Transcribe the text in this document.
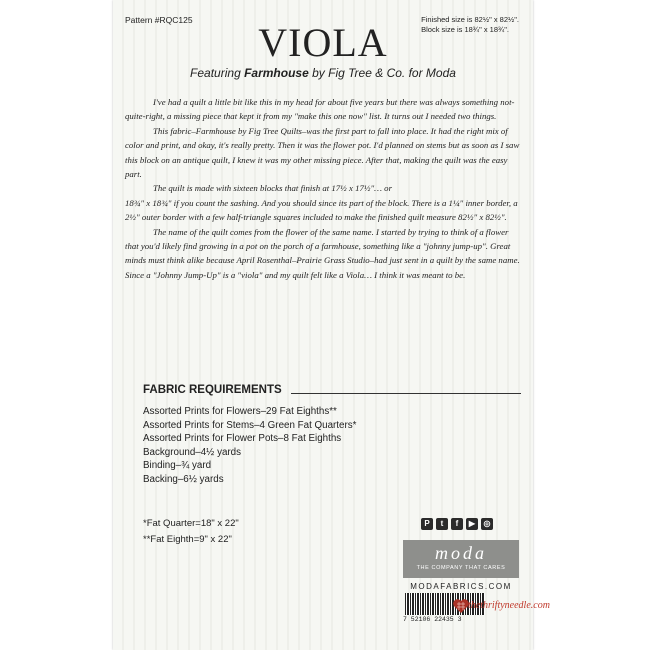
Pattern #RQC125	Finished size is 82½" x 82½".
Block size is 18¾" x 18¾".
VIOLA
Featuring Farmhouse by Fig Tree & Co. for Moda

I've had a quilt a little bit like this in my head for about five years but there was always something not-quite-right, a missing piece that kept it from my "make this one now" list. It turns out I needed two things.

This fabric–Farmhouse by Fig Tree Quilts–was the first part to fall into place. It had the right mix of color and print, and okay, it's really pretty. Then it was the flower pot. I'd planned on stems but as soon as I saw this block on an antique quilt, I knew it was my other missing piece. After that, making the quilt was the easy part.

The quilt is made with sixteen blocks that finish at 17½ x 17½"… or

18¾" x 18¾" if you count the sashing. And you should since its part of the block. There is a 1¼" inner border, a 2½" outer border with a few half-triangle squares included to make the finished quilt measure 82½" x 82½".

The name of the quilt comes from the flower of the same name. I started by trying to think of a flower that you'd likely find growing in a pot on the porch of a farmhouse, something like a "johnny jump-up". Great minds must think alike because April Rosenthal–Prairie Grass Studio–had just sent in a quilt by the same name. Since a "Johnny Jump-Up" is a "viola" and my quilt felt like a Viola… I think it was meant to be.

FABRIC REQUIREMENTS
Assorted Prints for Flowers–29 Fat Eighths**
Assorted Prints for Stems–4 Green Fat Quarters*
Assorted Prints for Flower Pots–8 Fat Eighths
Background–4½ yards
Binding–¾ yard
Backing–6½ yards
*Fat Quarter=18" x 22"
**Fat Eighth=9" x 22"
P	t	f	▶	◎
moda
THE COMPANY THAT CARES
MODAFABRICS.COM
7 52106 22435 3
thethriftyneedle.com
